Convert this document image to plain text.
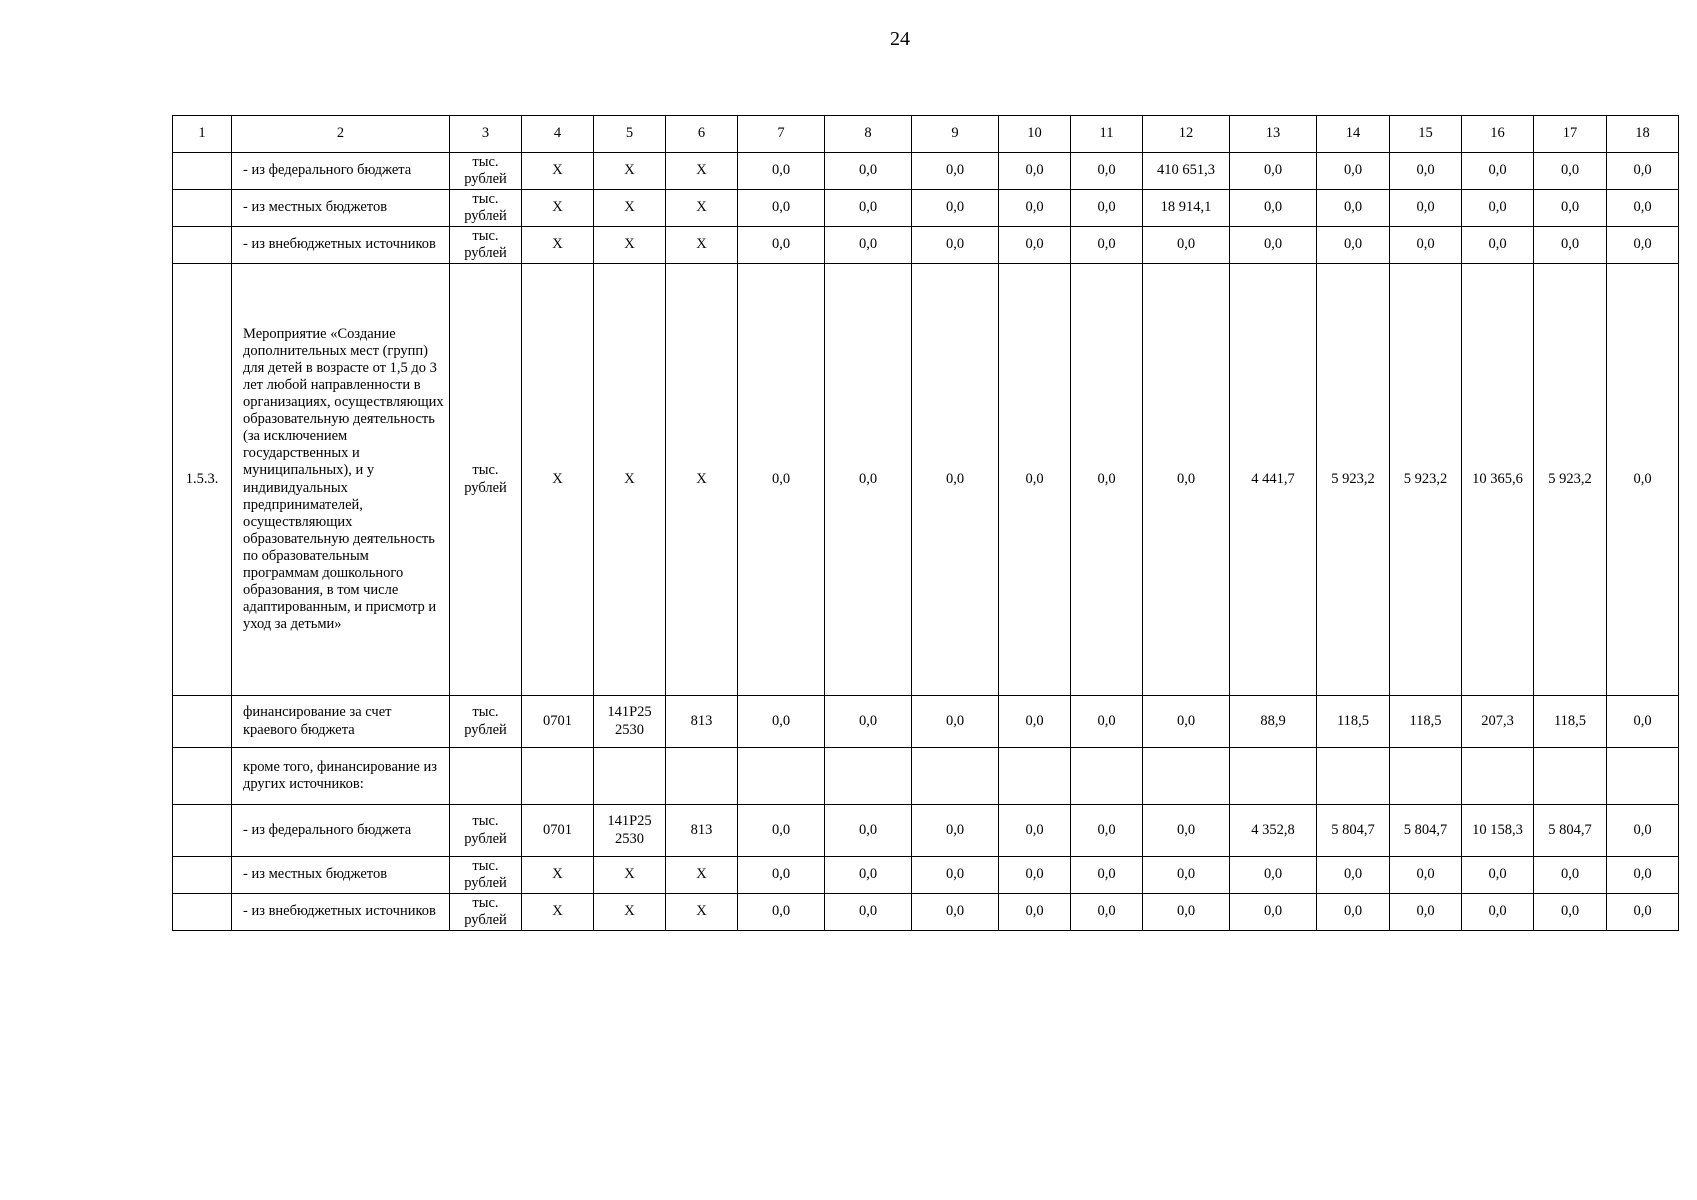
24
1	2	3	4	5	6	7	8	9	10	11	12	13	14	15	16	17	18
	- из федерального бюджета	тыс. рублей	X	X	X	0,0	0,0	0,0	0,0	0,0	410 651,3	0,0	0,0	0,0	0,0	0,0	0,0
	- из местных бюджетов	тыс. рублей	X	X	X	0,0	0,0	0,0	0,0	0,0	18 914,1	0,0	0,0	0,0	0,0	0,0	0,0
	- из внебюджетных источников	тыс. рублей	X	X	X	0,0	0,0	0,0	0,0	0,0	0,0	0,0	0,0	0,0	0,0	0,0	0,0
1.5.3.	Мероприятие «Создание дополнительных мест (групп) для детей в возрасте от 1,5 до 3 лет любой направленности в организациях, осуществляющих образовательную деятельность (за исключением государственных и муниципальных), и у индивидуальных предпринимателей, осуществляющих образовательную деятельность по образовательным программам дошкольного образования, в том числе адаптированным, и присмотр и уход за детьми»	тыс. рублей	X	X	X	0,0	0,0	0,0	0,0	0,0	0,0	4 441,7	5 923,2	5 923,2	10 365,6	5 923,2	0,0
	финансирование за счет краевого бюджета	тыс. рублей	0701	141Р25 2530	813	0,0	0,0	0,0	0,0	0,0	0,0	88,9	118,5	118,5	207,3	118,5	0,0
	кроме того, финансирование из других источников:																
	- из федерального бюджета	тыс. рублей	0701	141Р25 2530	813	0,0	0,0	0,0	0,0	0,0	0,0	4 352,8	5 804,7	5 804,7	10 158,3	5 804,7	0,0
	- из местных бюджетов	тыс. рублей	X	X	X	0,0	0,0	0,0	0,0	0,0	0,0	0,0	0,0	0,0	0,0	0,0	0,0
	- из внебюджетных источников	тыс. рублей	X	X	X	0,0	0,0	0,0	0,0	0,0	0,0	0,0	0,0	0,0	0,0	0,0	0,0
